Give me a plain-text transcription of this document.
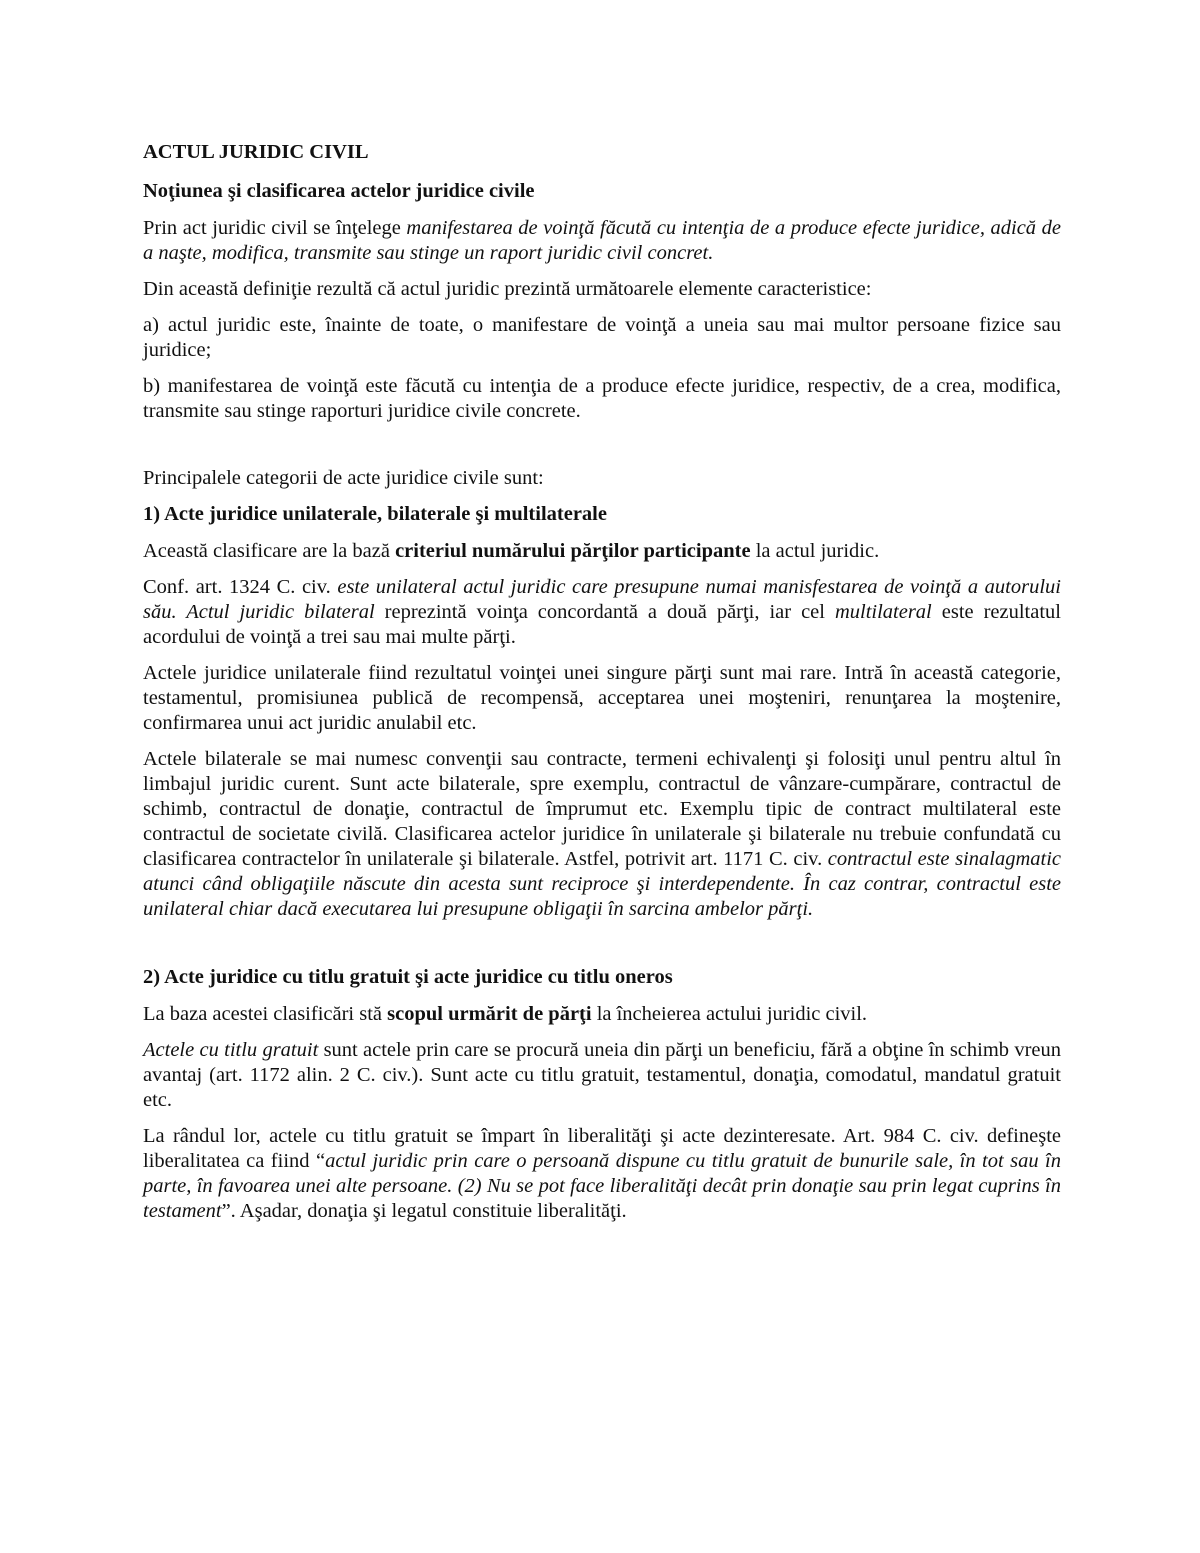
ACTUL JURIDIC CIVIL

Noţiunea şi clasificarea actelor juridice civile

Prin act juridic civil se înţelege manifestarea de voinţă făcută cu intenţia de a produce efecte juridice, adică de a naşte, modifica, transmite sau stinge un raport juridic civil concret.

Din această definiţie rezultă că actul juridic prezintă următoarele elemente caracteristice:

a) actul juridic este, înainte de toate, o manifestare de voinţă a uneia sau mai multor persoane fizice sau juridice;

b) manifestarea de voinţă este făcută cu intenţia de a produce efecte juridice, respectiv, de a crea, modifica, transmite sau stinge raporturi juridice civile concrete.

Principalele categorii de acte juridice civile sunt:

1) Acte juridice unilaterale, bilaterale şi multilaterale

Această clasificare are la bază criteriul numărului părţilor participante la actul juridic.

Conf. art. 1324 C. civ. este unilateral actul juridic care presupune numai manisfestarea de voinţă a autorului său. Actul juridic bilateral reprezintă voinţa concordantă a două părţi, iar cel multilateral este rezultatul acordului de voinţă a trei sau mai multe părţi.

Actele juridice unilaterale fiind rezultatul voinţei unei singure părţi sunt mai rare. Intră în această categorie, testamentul, promisiunea publică de recompensă, acceptarea unei moşteniri, renunţarea la moştenire, confirmarea unui act juridic anulabil etc.

Actele bilaterale se mai numesc convenţii sau contracte, termeni echivalenţi şi folosiţi unul pentru altul în limbajul juridic curent. Sunt acte bilaterale, spre exemplu, contractul de vânzare-cumpărare, contractul de schimb, contractul de donaţie, contractul de împrumut etc. Exemplu tipic de contract multilateral este contractul de societate civilă. Clasificarea actelor juridice în unilaterale şi bilaterale nu trebuie confundată cu clasificarea contractelor în unilaterale şi bilaterale. Astfel, potrivit art. 1171 C. civ. contractul este sinalagmatic atunci când obligaţiile născute din acesta sunt reciproce şi interdependente. În caz contrar, contractul este unilateral chiar dacă executarea lui presupune obligaţii în sarcina ambelor părţi.

2) Acte juridice cu titlu gratuit şi acte juridice cu titlu oneros

La baza acestei clasificări stă scopul urmărit de părţi la încheierea actului juridic civil.

Actele cu titlu gratuit sunt actele prin care se procură uneia din părţi un beneficiu, fără a obţine în schimb vreun avantaj (art. 1172 alin. 2 C. civ.). Sunt acte cu titlu gratuit, testamentul, donaţia, comodatul, mandatul gratuit etc.

La rândul lor, actele cu titlu gratuit se împart în liberalităţi şi acte dezinteresate. Art. 984 C. civ. defineşte liberalitatea ca fiind “actul juridic prin care o persoană dispune cu titlu gratuit de bunurile sale, în tot sau în parte, în favoarea unei alte persoane. (2) Nu se pot face liberalităţi decât prin donaţie sau prin legat cuprins în testament”. Aşadar, donaţia şi legatul constituie liberalităţi.
